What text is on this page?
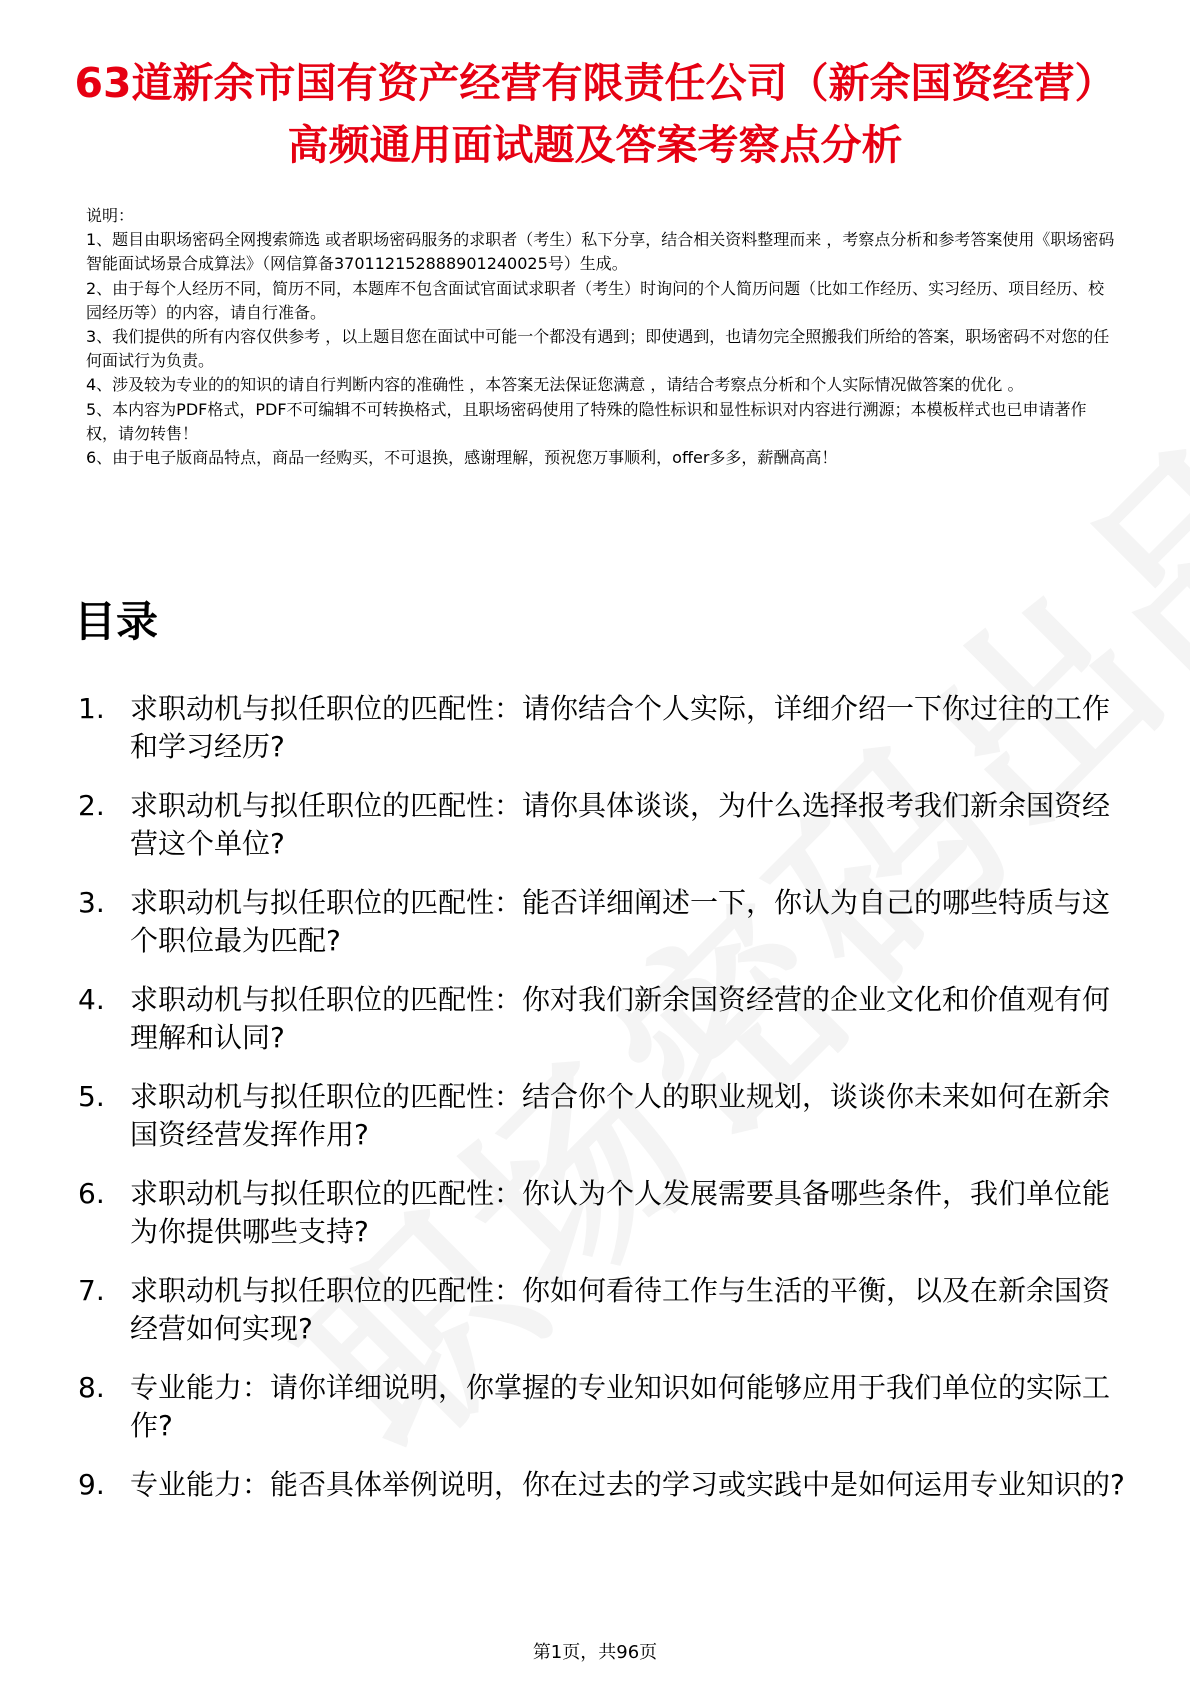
63道新余市国有资产经营有限责任公司（新余国资经营）高频通用面试题及答案考察点分析
说明：
1、题目由职场密码全网搜索筛选 或者职场密码服务的求职者（考生）私下分享，结合相关资料整理而来 ，考察点分析和参考答案使用《职场密码智能面试场景合成算法》（网信算备370112152888901240025号）生成。
2、由于每个人经历不同，简历不同，本题库不包含面试官面试求职者（考生）时询问的个人简历问题（比如工作经历、实习经历、项目经历、校园经历等）的内容，请自行准备。
3、我们提供的所有内容仅供参考 ，以上题目您在面试中可能一个都没有遇到；即使遇到，也请勿完全照搬我们所给的答案，职场密码不对您的任何面试行为负责。
4、涉及较为专业的的知识的请自行判断内容的准确性 ，本答案无法保证您满意 ，请结合考察点分析和个人实际情况做答案的优化 。
5、本内容为PDF格式，PDF不可编辑不可转换格式，且职场密码使用了特殊的隐性标识和显性标识对内容进行溯源；本模板样式也已申请著作权，请勿转售！
6、由于电子版商品特点，商品一经购买，不可退换，感谢理解，预祝您万事顺利，offer多多，薪酬高高！
目录
1. 求职动机与拟任职位的匹配性：请你结合个人实际，详细介绍一下你过往的工作和学习经历?
2. 求职动机与拟任职位的匹配性：请你具体谈谈，为什么选择报考我们新余国资经营这个单位?
3. 求职动机与拟任职位的匹配性：能否详细阐述一下，你认为自己的哪些特质与这个职位最为匹配?
4. 求职动机与拟任职位的匹配性：你对我们新余国资经营的企业文化和价值观有何理解和认同?
5. 求职动机与拟任职位的匹配性：结合你个人的职业规划，谈谈你未来如何在新余国资经营发挥作用?
6. 求职动机与拟任职位的匹配性：你认为个人发展需要具备哪些条件，我们单位能为你提供哪些支持?
7. 求职动机与拟任职位的匹配性：你如何看待工作与生活的平衡，以及在新余国资经营如何实现?
8. 专业能力：请你详细说明，你掌握的专业知识如何能够应用于我们单位的实际工作?
9. 专业能力：能否具体举例说明，你在过去的学习或实践中是如何运用专业知识的?
第1页，共96页
